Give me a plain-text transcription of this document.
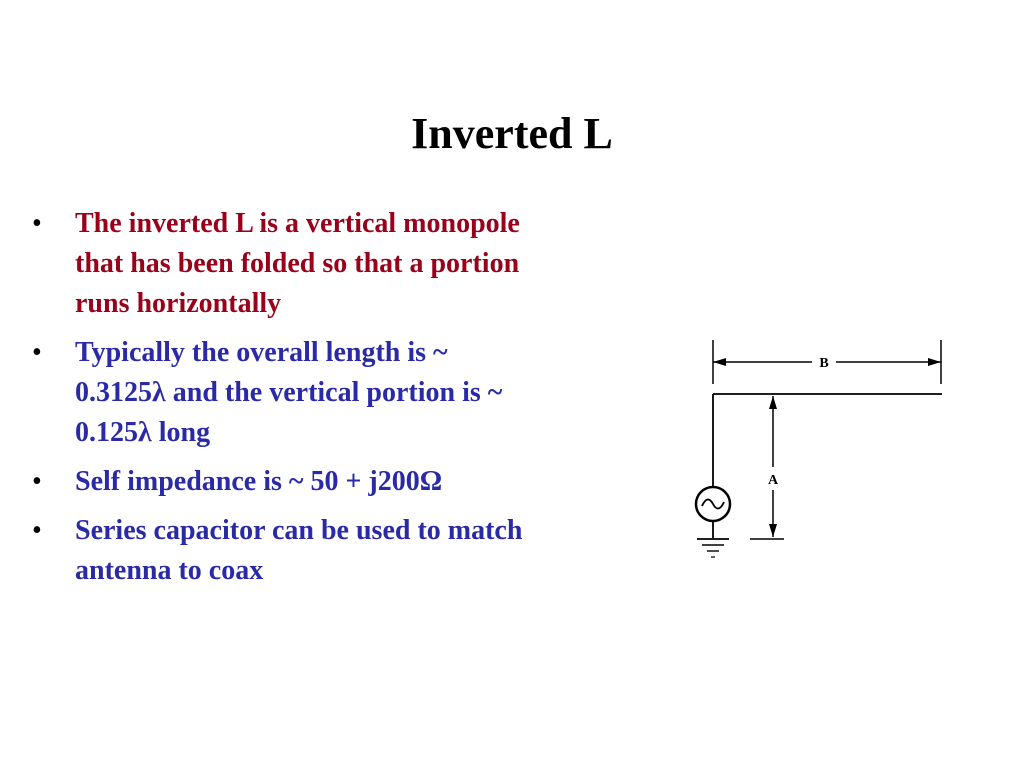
Inverted L
• The inverted L is a vertical monopole that has been folded so that a portion runs horizontally
• Typically the overall length is ~ 0.3125λ and the vertical portion is ~ 0.125λ long
• Self impedance is ~ 50 + j200Ω
• Series capacitor can be used to match antenna to coax
B
A
